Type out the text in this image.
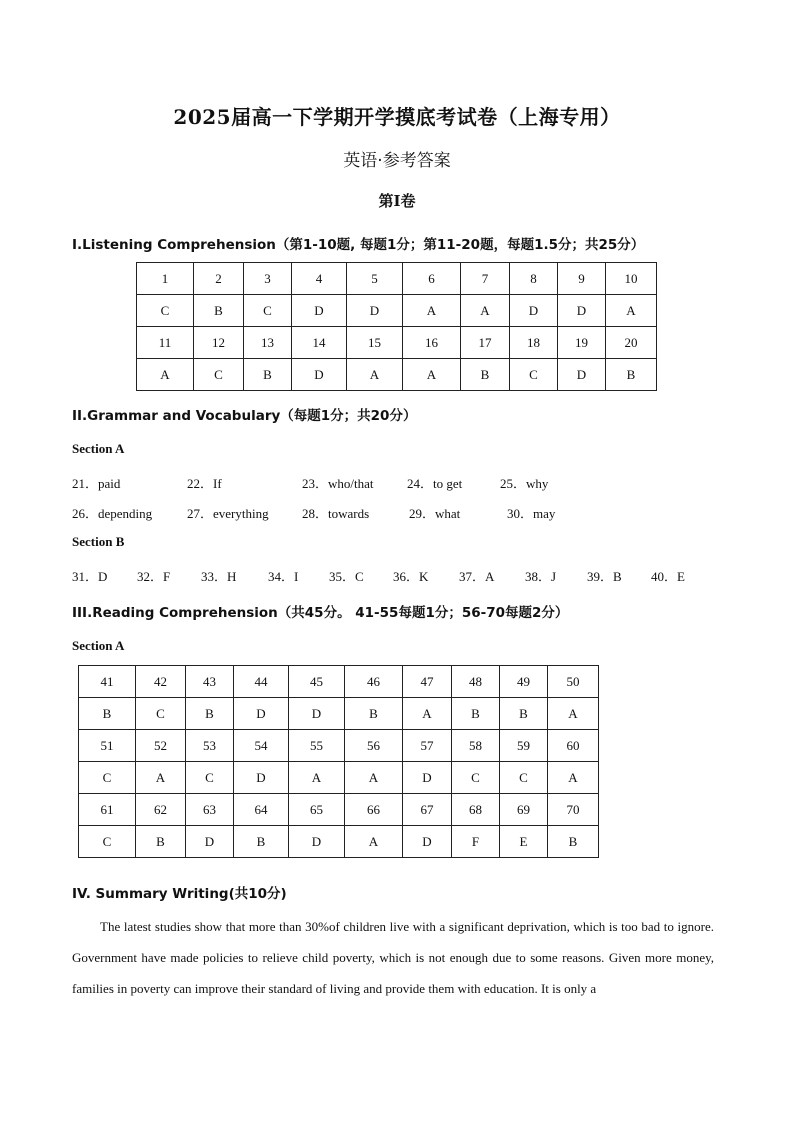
2025届高一下学期开学摸底考试卷（上海专用）
英语·参考答案
第I卷
I.Listening Comprehension（第1-10题, 每题1分；第11-20题，每题1.5分；共25分）
1	2	3	4	5	6	7	8	9	10
C	B	C	D	D	A	A	D	D	A
11	12	13	14	15	16	17	18	19	20
A	C	B	D	A	A	B	C	D	B
II.Grammar and Vocabulary（每题1分；共20分）
Section A
21．paid	22．If	23．who/that	24．to get	25．why
26．depending	27．everything	28．towards	29．what	30．may
Section B
31．D 32．F 33．H 34．I 35．C 36．K 37．A 38．J 39．B 40．E
III.Reading Comprehension（共45分。 41-55每题1分；56-70每题2分）
Section A
41	42	43	44	45	46	47	48	49	50
B	C	B	D	D	B	A	B	B	A
51	52	53	54	55	56	57	58	59	60
C	A	C	D	A	A	D	C	C	A
61	62	63	64	65	66	67	68	69	70
C	B	D	B	D	A	D	F	E	B
IV. Summary Writing(共10分)
The latest studies show that more than 30%of children live with a significant deprivation, which is too bad to ignore. Government have made policies to relieve child poverty, which is not enough due to some reasons. Given more money, families in poverty can improve their standard of living and provide them with education. It is only a
